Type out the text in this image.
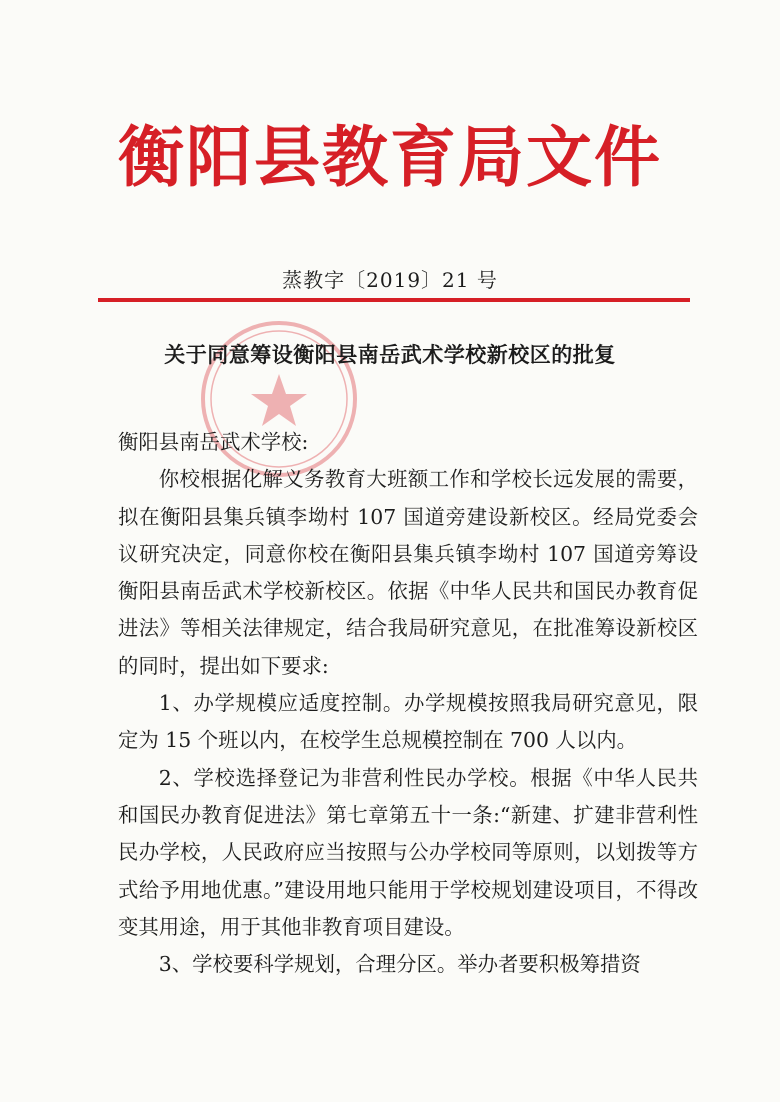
衡阳县教育局文件
蒸教字〔2019〕21 号
关于同意筹设衡阳县南岳武术学校新校区的批复

衡阳县南岳武术学校:

你校根据化解义务教育大班额工作和学校长远发展的需要，拟在衡阳县集兵镇李坳村 107 国道旁建设新校区。经局党委会议研究决定，同意你校在衡阳县集兵镇李坳村 107 国道旁筹设衡阳县南岳武术学校新校区。依据《中华人民共和国民办教育促进法》等相关法律规定，结合我局研究意见，在批准筹设新校区的同时，提出如下要求:

1、办学规模应适度控制。办学规模按照我局研究意见，限定为 15 个班以内，在校学生总规模控制在 700 人以内。

2、学校选择登记为非营利性民办学校。根据《中华人民共和国民办教育促进法》第七章第五十一条:“新建、扩建非营利性民办学校，人民政府应当按照与公办学校同等原则，以划拨等方式给予用地优惠。”建设用地只能用于学校规划建设项目，不得改变其用途，用于其他非教育项目建设。

3、学校要科学规划，合理分区。举办者要积极筹措资
